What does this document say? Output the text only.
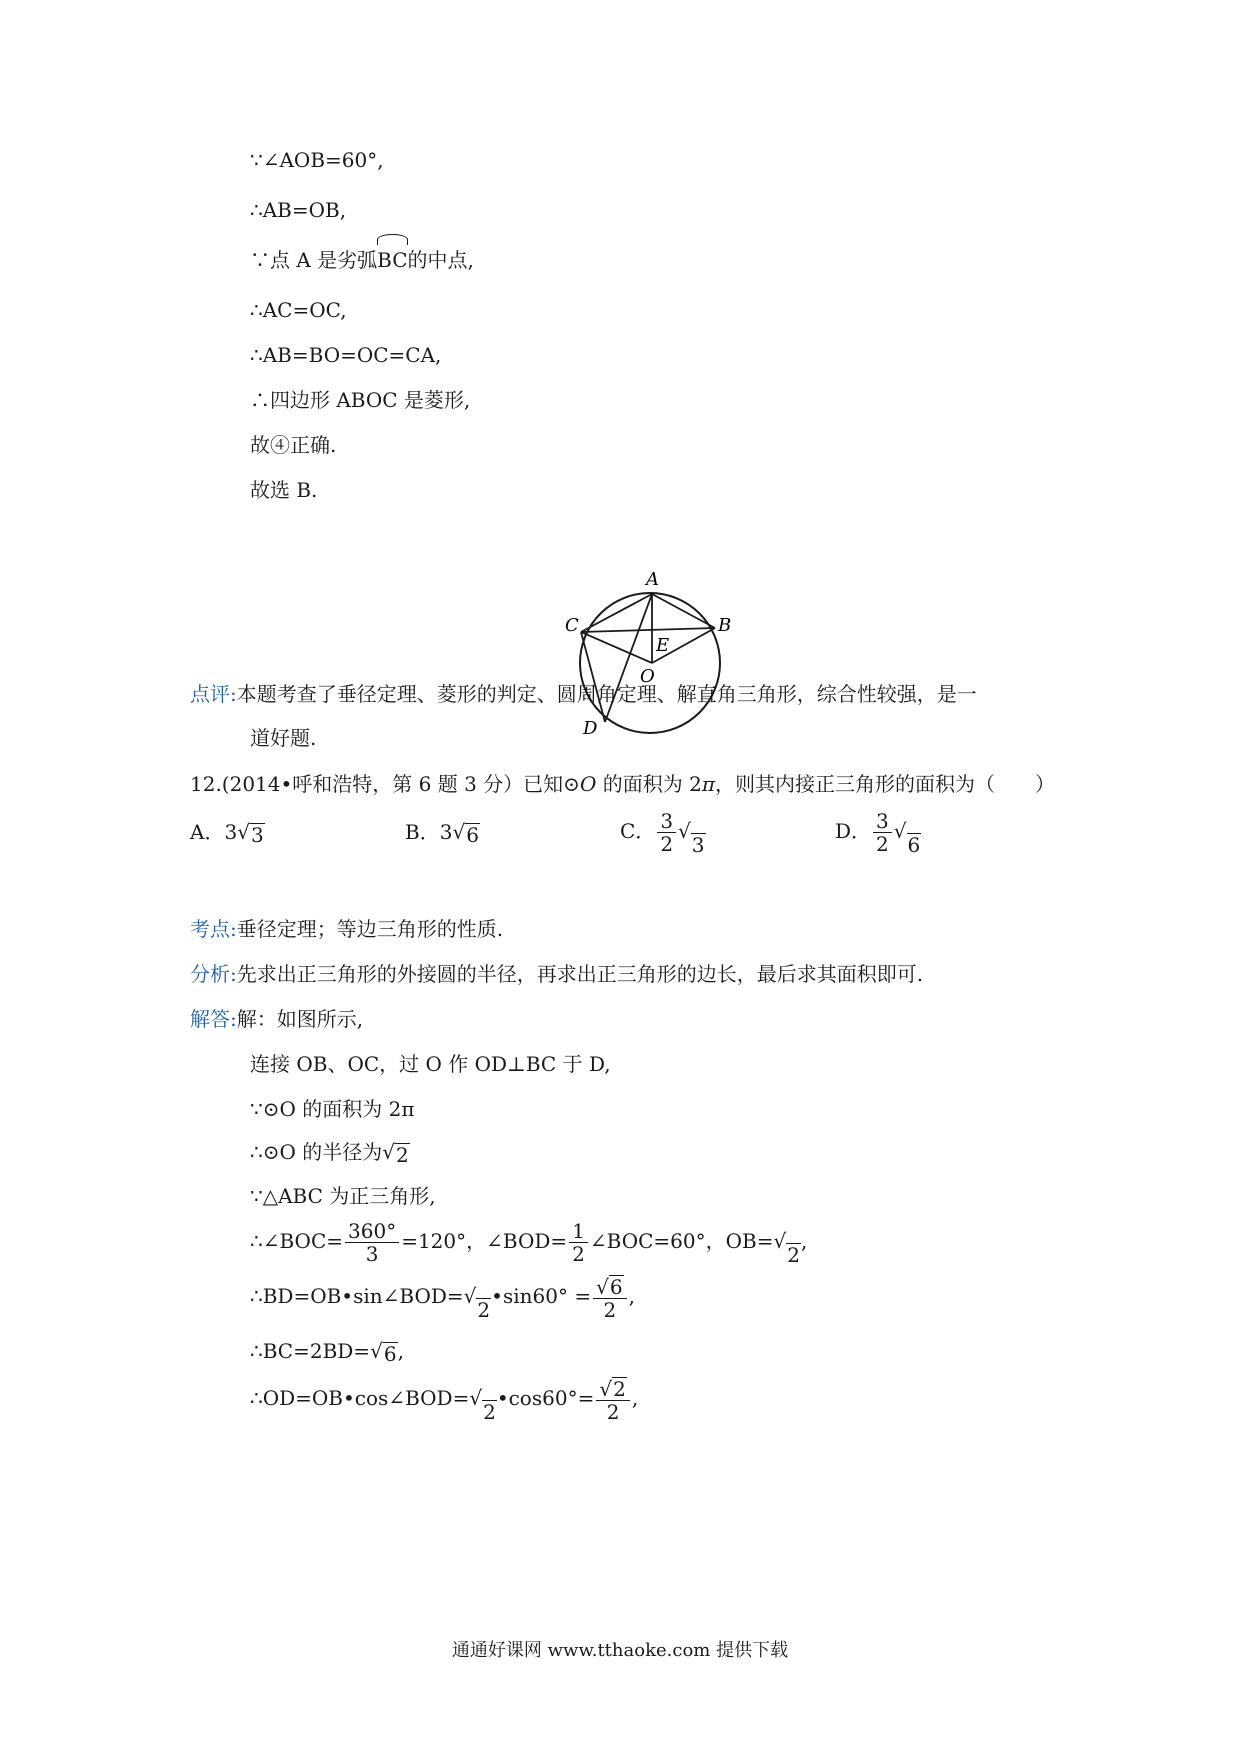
∵∠AOB=60°,
∴AB=OB,
∵点 A 是劣弧
BC的中点,
∴AC=OC,
∴AB=BO=OC=CA,
∴四边形 ABOC 是菱形,
故④正确.
故选 B.
A
B
C
E
O
D
点评:本题考查了垂径定理、菱形的判定、圆周角定理、解直角三角形，综合性较强，是一
道好题.
12.(2014•呼和浩特，第 6 题 3 分）已知⊙O 的面积为 2π，则其内接正三角形的面积为（　　）
A．3 √ 3	B．3 √ 6	C． $\frac{3}{2}$ √
3
D． $\frac{3}{2}$ √
6
考点:垂径定理；等边三角形的性质.
分析:先求出正三角形的外接圆的半径，再求出正三角形的边长，最后求其面积即可.
解答:解：如图所示,
连接 OB、OC，过 O 作 OD⊥BC 于 D,
∵⊙O 的面积为 2π
∴⊙O 的半径为 √ 2
∵△ABC 为正三角形,
∴∠BOC= $\frac{360^\circ}{3} =120^\circ$，∠BOD= $\frac{1}{2}$ ∠BOC=60°，OB= √
2
,
∴BD=OB•sin∠BOD= √
2
•sin60° = $\frac{√ 6}{2}$ ,
∴BC=2BD= √ 6 ,
∴OD=OB•cos∠BOD= √
2
•cos60°= $\frac{√ 2}{2}$ ,
通通好课网 www.tthaoke.com 提供下载
